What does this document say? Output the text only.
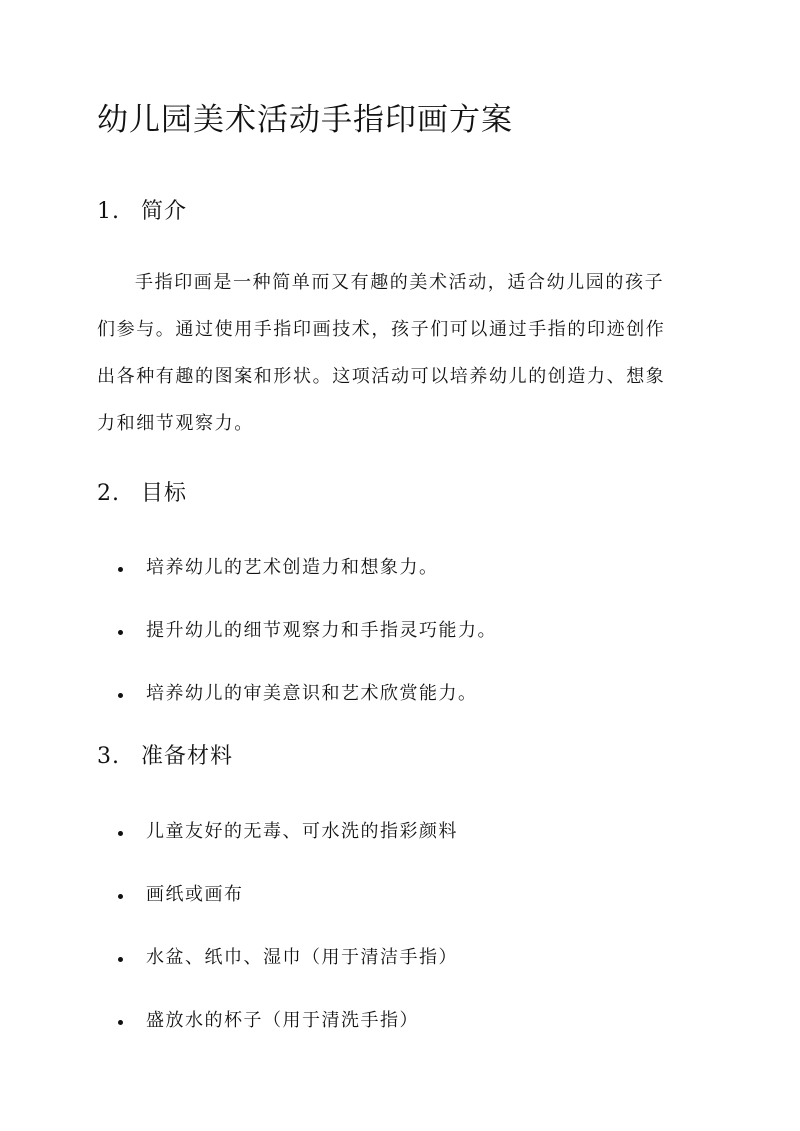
幼儿园美术活动手指印画方案
1. 简介
手指印画是一种简单而又有趣的美术活动，适合幼儿园的孩子
们参与。通过使用手指印画技术，孩子们可以通过手指的印迹创作
出各种有趣的图案和形状。这项活动可以培养幼儿的创造力、想象
力和细节观察力。
2. 目标
培养幼儿的艺术创造力和想象力。
提升幼儿的细节观察力和手指灵巧能力。
培养幼儿的审美意识和艺术欣赏能力。
3. 准备材料
儿童友好的无毒、可水洗的指彩颜料
画纸或画布
水盆、纸巾、湿巾（用于清洁手指）
盛放水的杯子（用于清洗手指）
